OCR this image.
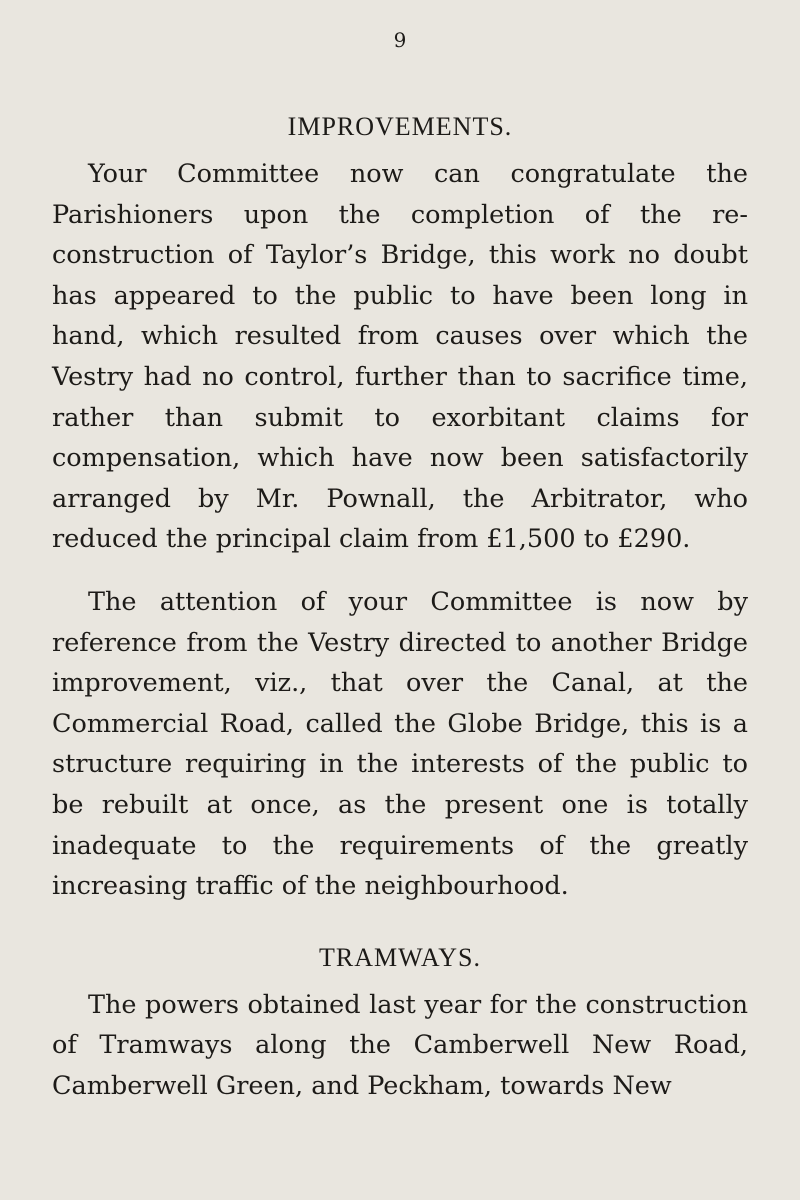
9
IMPROVEMENTS.

Your Committee now can congratulate the Parishioners upon the completion of the re-construction of Taylor’s Bridge, this work no doubt has appeared to the public to have been long in hand, which resulted from causes over which the Vestry had no control, further than to sacrifice time, rather than submit to exorbitant claims for compensation, which have now been satisfactorily arranged by Mr. Pownall, the Arbitrator, who reduced the principal claim from £1,500 to £290.

The attention of your Committee is now by reference from the Vestry directed to another Bridge improvement, viz., that over the Canal, at the Commercial Road, called the Globe Bridge, this is a structure requiring in the interests of the public to be rebuilt at once, as the present one is totally inadequate to the requirements of the greatly increasing traffic of the neighbourhood.

TRAMWAYS.

The powers obtained last year for the construction of Tramways along the Camberwell New Road, Camberwell Green, and Peckham, towards New
